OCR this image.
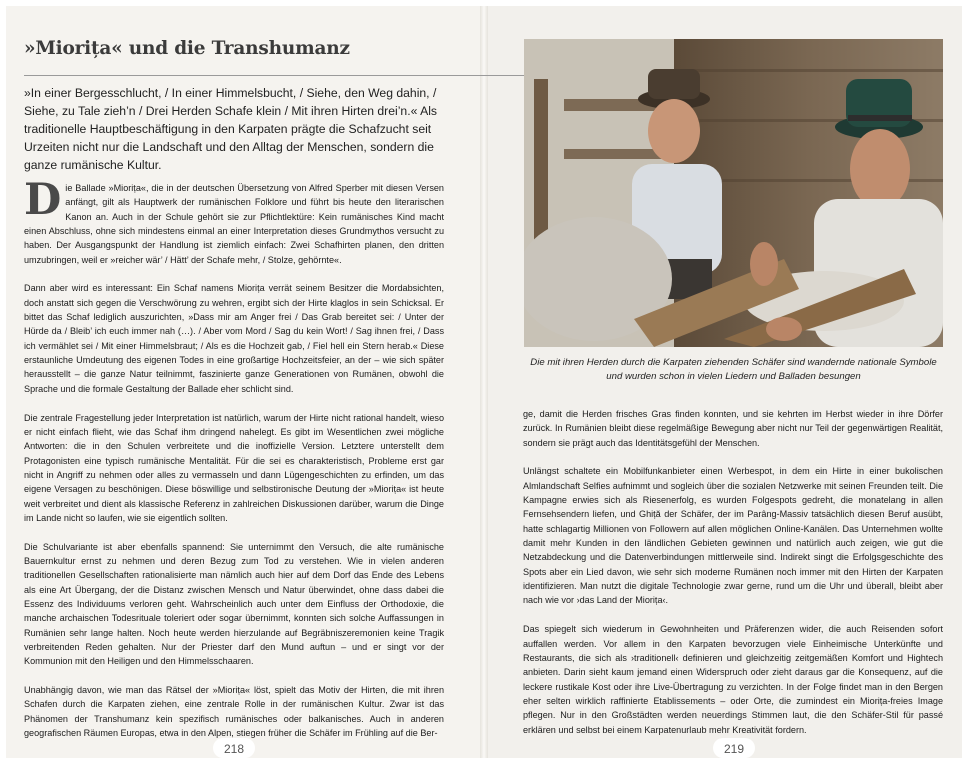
»Miorița« und die Transhumanz

»In einer Bergesschlucht, / In einer Himmelsbucht, / Siehe, den Weg dahin, / Siehe, zu Tale zieh’n / Drei Herden Schafe klein / Mit ihren Hirten drei’n.« Als traditionelle Hauptbeschäftigung in den Karpaten prägte die Schafzucht seit Urzeiten nicht nur die Landschaft und den Alltag der Menschen, sondern die ganze rumänische Kultur.

Die Ballade »Miorița«, die in der deutschen Übersetzung von Alfred Sperber mit diesen Versen anfängt, gilt als Hauptwerk der rumänischen Folklore und führt bis heute den literarischen Kanon an. Auch in der Schule gehört sie zur Pflichtlektüre: Kein rumänisches Kind macht einen Abschluss, ohne sich mindestens einmal an einer Interpretation dieses Grundmythos versucht zu haben. Der Ausgangspunkt der Handlung ist ziemlich einfach: Zwei Schafhirten planen, den dritten umzubringen, weil er »reicher wär’ / Hätt’ der Schafe mehr, / Stolze, gehörnte«.

Dann aber wird es interessant: Ein Schaf namens Miorița verrät seinem Besitzer die Mordabsichten, doch anstatt sich gegen die Verschwörung zu wehren, ergibt sich der Hirte klaglos in sein Schicksal. Er bittet das Schaf lediglich auszurichten, »Dass mir am Anger frei / Das Grab bereitet sei: / Unter der Hürde da / Bleib’ ich euch immer nah (…). / Aber vom Mord / Sag du kein Wort! / Sag ihnen frei, / Dass ich vermählet sei / Mit einer Himmelsbraut; / Als es die Hochzeit gab, / Fiel hell ein Stern herab.« Diese erstaunliche Umdeutung des eigenen Todes in eine großartige Hochzeitsfeier, an der – wie sich später herausstellt – die ganze Natur teilnimmt, faszinierte ganze Generationen von Rumänen, obwohl die Sprache und die formale Gestaltung der Ballade eher schlicht sind.

Die zentrale Fragestellung jeder Interpretation ist natürlich, warum der Hirte nicht rational handelt, wieso er nicht einfach flieht, wie das Schaf ihm dringend nahelegt. Es gibt im Wesentlichen zwei mögliche Antworten: die in den Schulen verbreitete und die inoffizielle Version. Letztere unterstellt dem Protagonisten eine typisch rumänische Mentalität. Für die sei es charakteristisch, Probleme erst gar nicht in Angriff zu nehmen oder alles zu vermasseln und dann Lügengeschichten zu erfinden, um das eigene Versagen zu beschönigen. Diese böswillige und selbstironische Deutung der »Miorița« ist heute weit verbreitet und dient als klassische Referenz in zahlreichen Diskussionen darüber, warum die Dinge im Lande nicht so laufen, wie sie eigentlich sollten.

Die Schulvariante ist aber ebenfalls spannend: Sie unternimmt den Versuch, die alte rumänische Bauernkultur ernst zu nehmen und deren Bezug zum Tod zu verstehen. Wie in vielen anderen traditionellen Gesellschaften rationalisierte man nämlich auch hier auf dem Dorf das Ende des Lebens als eine Art Übergang, der die Distanz zwischen Mensch und Natur überwindet, ohne dass dabei die Essenz des Individuums verloren geht. Wahrscheinlich auch unter dem Einfluss der Orthodoxie, die manche archaischen Todesrituale toleriert oder sogar übernimmt, konnten sich solche Auffassungen in Rumänien sehr lange halten. Noch heute werden hierzulande auf Begräbniszeremonien keine Tragik verbreitenden Reden gehalten. Nur der Priester darf den Mund auftun – und er singt vor der Kommunion mit den Heiligen und den Himmelsschaaren.

Unabhängig davon, wie man das Rätsel der »Miorița« löst, spielt das Motiv der Hirten, die mit ihren Schafen durch die Karpaten ziehen, eine zentrale Rolle in der rumänischen Kultur. Zwar ist das Phänomen der Transhumanz kein spezifisch rumänisches oder balkanisches. Auch in anderen geografischen Räumen Europas, etwa in den Alpen, stiegen früher die Schäfer im Frühling auf die Ber-

Die mit ihren Herden durch die Karpaten ziehenden Schäfer sind wandernde nationale Symbole und wurden schon in vielen Liedern und Balladen besungen

ge, damit die Herden frisches Gras finden konnten, und sie kehrten im Herbst wieder in ihre Dörfer zurück. In Rumänien bleibt diese regelmäßige Bewegung aber nicht nur Teil der gegenwärtigen Realität, sondern sie prägt auch das Identitätsgefühl der Menschen.

Unlängst schaltete ein Mobilfunkanbieter einen Werbespot, in dem ein Hirte in einer bukolischen Almlandschaft Selfies aufnimmt und sogleich über die sozialen Netzwerke mit seinen Freunden teilt. Die Kampagne erwies sich als Riesenerfolg, es wurden Folgespots gedreht, die monatelang in allen Fernsehsendern liefen, und Ghiță der Schäfer, der im Parâng-Massiv tatsächlich diesen Beruf ausübt, hatte schlagartig Millionen von Followern auf allen möglichen Online-Kanälen. Das Unternehmen wollte damit mehr Kunden in den ländlichen Gebieten gewinnen und natürlich auch zeigen, wie gut die Netzabdeckung und die Datenverbindungen mittlerweile sind. Indirekt singt die Erfolgsgeschichte des Spots aber ein Lied davon, wie sehr sich moderne Rumänen noch immer mit den Hirten der Karpaten identifizieren. Man nutzt die digitale Technologie zwar gerne, rund um die Uhr und überall, bleibt aber nach wie vor ›das Land der Miorița‹.

Das spiegelt sich wiederum in Gewohnheiten und Präferenzen wider, die auch Reisenden sofort auffallen werden. Vor allem in den Karpaten bevorzugen viele Einheimische Unterkünfte und Restaurants, die sich als ›traditionell‹ definieren und gleichzeitig zeitgemäßen Komfort und Hightech anbieten. Darin sieht kaum jemand einen Widerspruch oder zieht daraus gar die Konsequenz, auf die leckere rustikale Kost oder ihre Live-Übertragung zu verzichten. In der Folge findet man in den Bergen eher selten wirklich raffinierte Etablissements – oder Orte, die zumindest ein Miorița-freies Image pflegen. Nur in den Großstädten werden neuerdings Stimmen laut, die den Schäfer-Stil für passé erklären und selbst bei einem Karpatenurlaub mehr Kreativität fordern.

218	219
